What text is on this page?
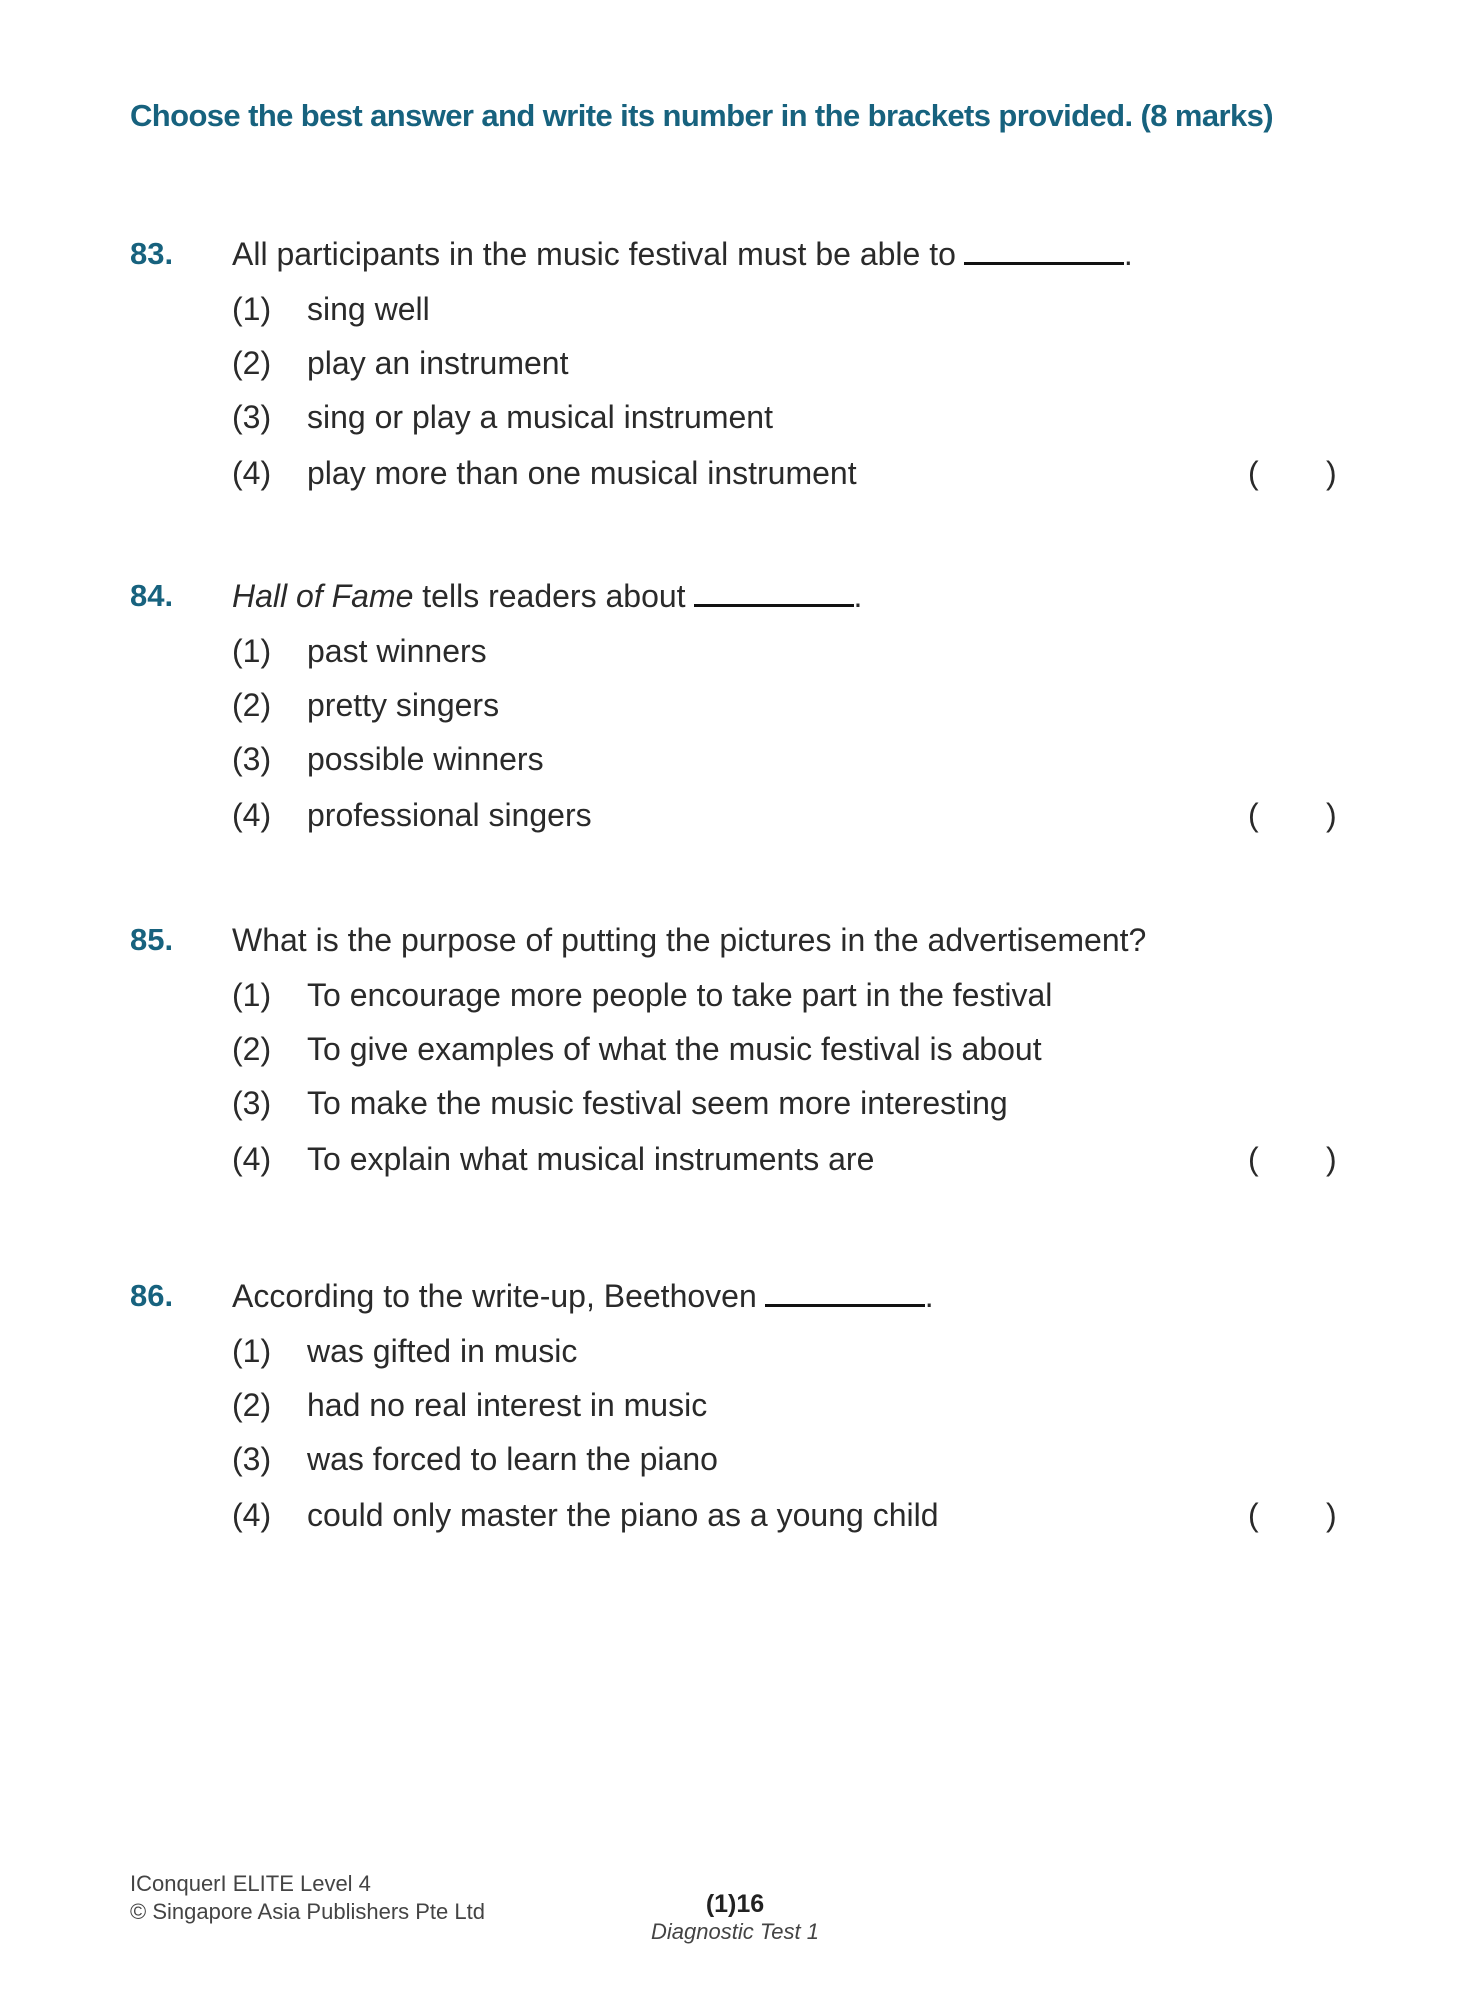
Choose the best answer and write its number in the brackets provided. (8 marks)
83. All participants in the music festival must be able to	.
(1) sing well
(2) play an instrument
(3) sing or play a musical instrument
(4) play more than one musical instrument	( )
84. Hall of Fame tells readers about	.
(1) past winners
(2) pretty singers
(3) possible winners
(4) professional singers	( )
85. What is the purpose of putting the pictures in the advertisement?
(1) To encourage more people to take part in the festival
(2) To give examples of what the music festival is about
(3) To make the music festival seem more interesting
(4) To explain what musical instruments are	( )
86. According to the write-up, Beethoven	.
(1) was gifted in music
(2) had no real interest in music
(3) was forced to learn the piano
(4) could only master the piano as a young child	( )
IConquerI ELITE Level 4
© Singapore Asia Publishers Pte Ltd	(1)16
Diagnostic Test 1
